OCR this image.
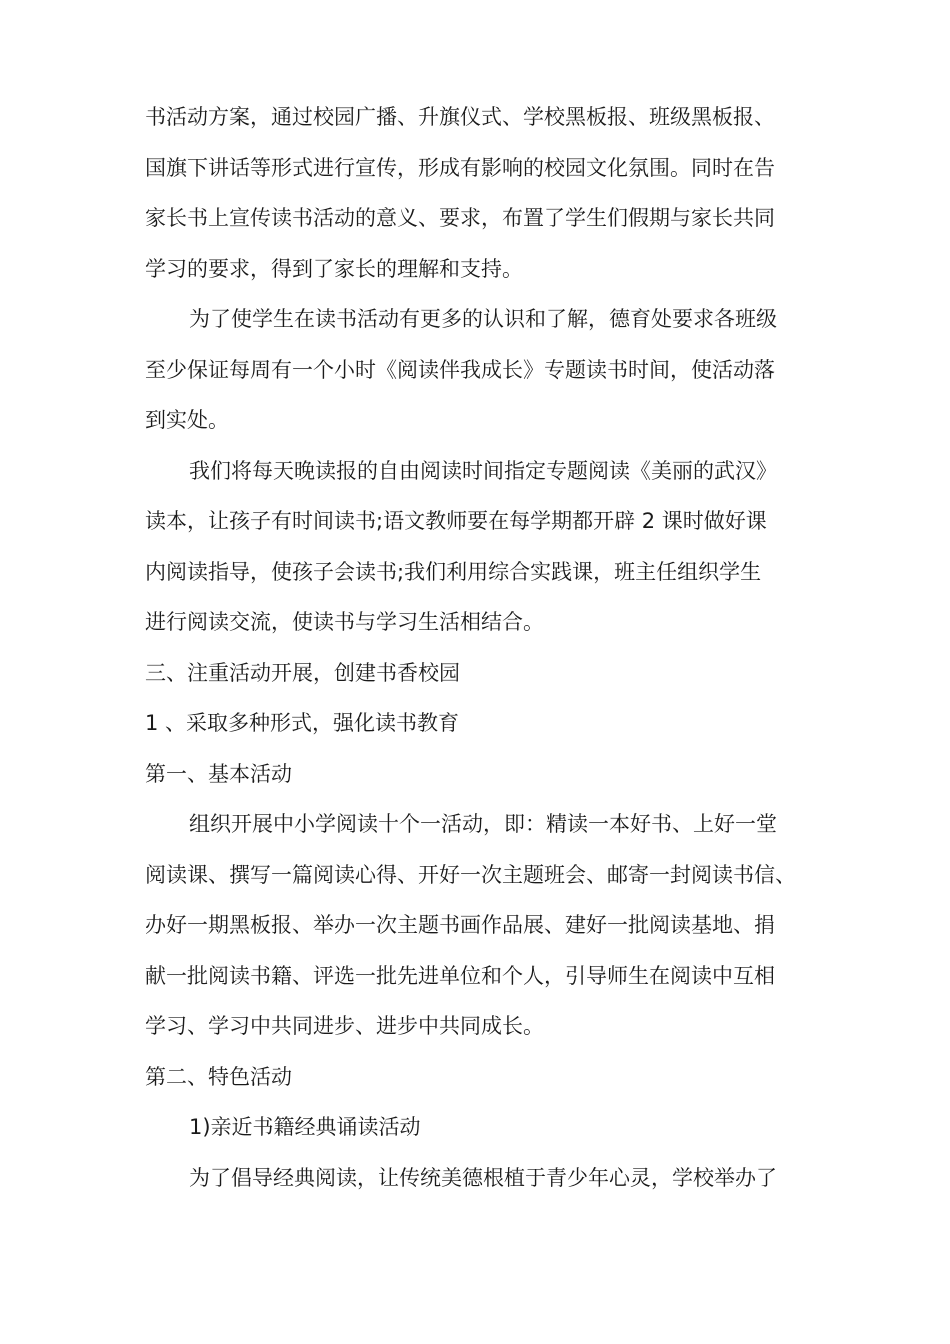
书活动方案，通过校园广播、升旗仪式、学校黑板报、班级黑板报、
国旗下讲话等形式进行宣传，形成有影响的校园文化氛围。同时在告
家长书上宣传读书活动的意义、要求，布置了学生们假期与家长共同
学习的要求，得到了家长的理解和支持。
为了使学生在读书活动有更多的认识和了解，德育处要求各班级
至少保证每周有一个小时《阅读伴我成长》专题读书时间，使活动落
到实处。
我们将每天晚读报的自由阅读时间指定专题阅读《美丽的武汉》
读本，让孩子有时间读书;语文教师要在每学期都开辟 2 课时做好课
内阅读指导，使孩子会读书;我们利用综合实践课，班主任组织学生
进行阅读交流，使读书与学习生活相结合。
三、注重活动开展，创建书香校园
1 、采取多种形式，强化读书教育
第一、基本活动
组织开展中小学阅读十个一活动，即：精读一本好书、上好一堂
阅读课、撰写一篇阅读心得、开好一次主题班会、邮寄一封阅读书信、
办好一期黑板报、举办一次主题书画作品展、建好一批阅读基地、捐
献一批阅读书籍、评选一批先进单位和个人，引导师生在阅读中互相
学习、学习中共同进步、进步中共同成长。
第二、特色活动
1)亲近书籍经典诵读活动
为了倡导经典阅读，让传统美德根植于青少年心灵，学校举办了
